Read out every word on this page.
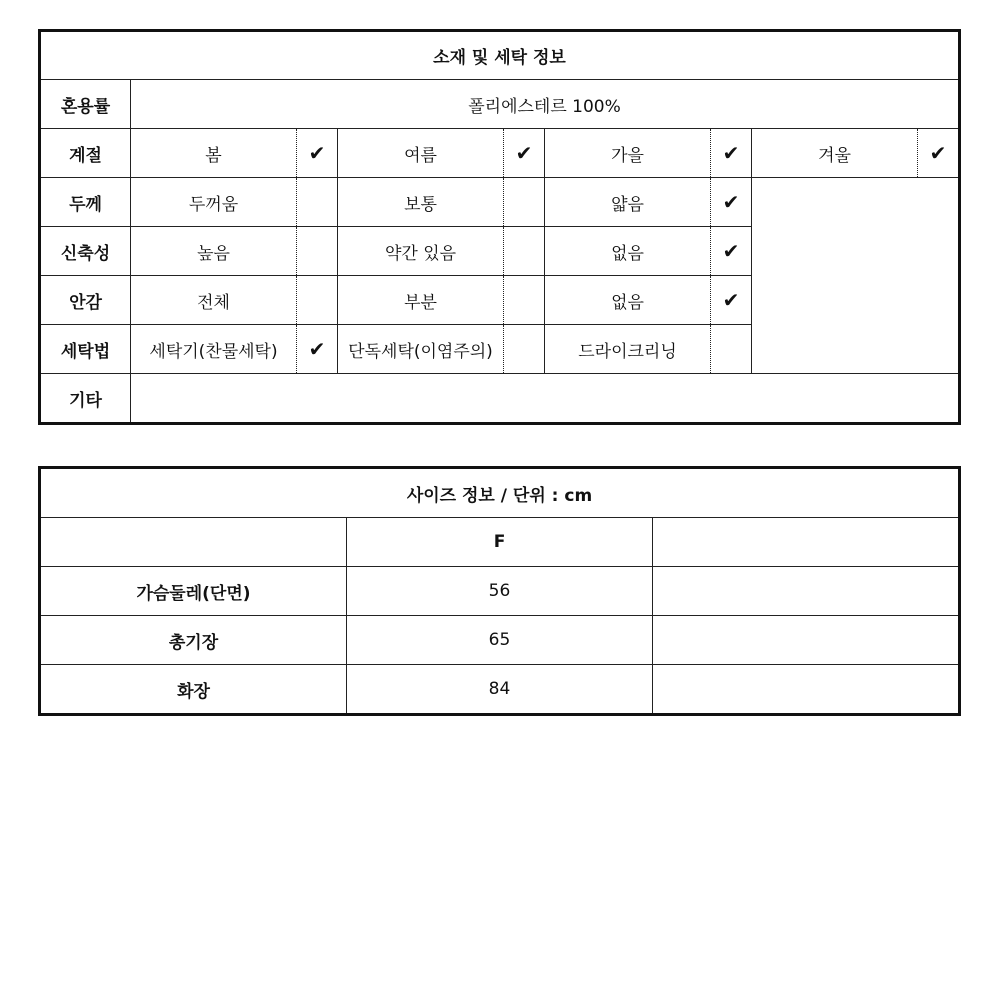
소재 및 세탁 정보								
혼용률	폴리에스테르 100%							
계절	봄	✔	여름	✔	가을	✔	겨울	✔
두께	두꺼움		보통		얇음	✔		
신축성	높음		약간 있음		없음	✔		
안감	전체		부분		없음	✔		
세탁법	세탁기(찬물세탁)	✔	단독세탁(이염주의)		드라이크리닝			
기타								
사이즈 정보 / 단위 : cm		
	F	
가슴둘레(단면)	56	
총기장	65	
화장	84	
